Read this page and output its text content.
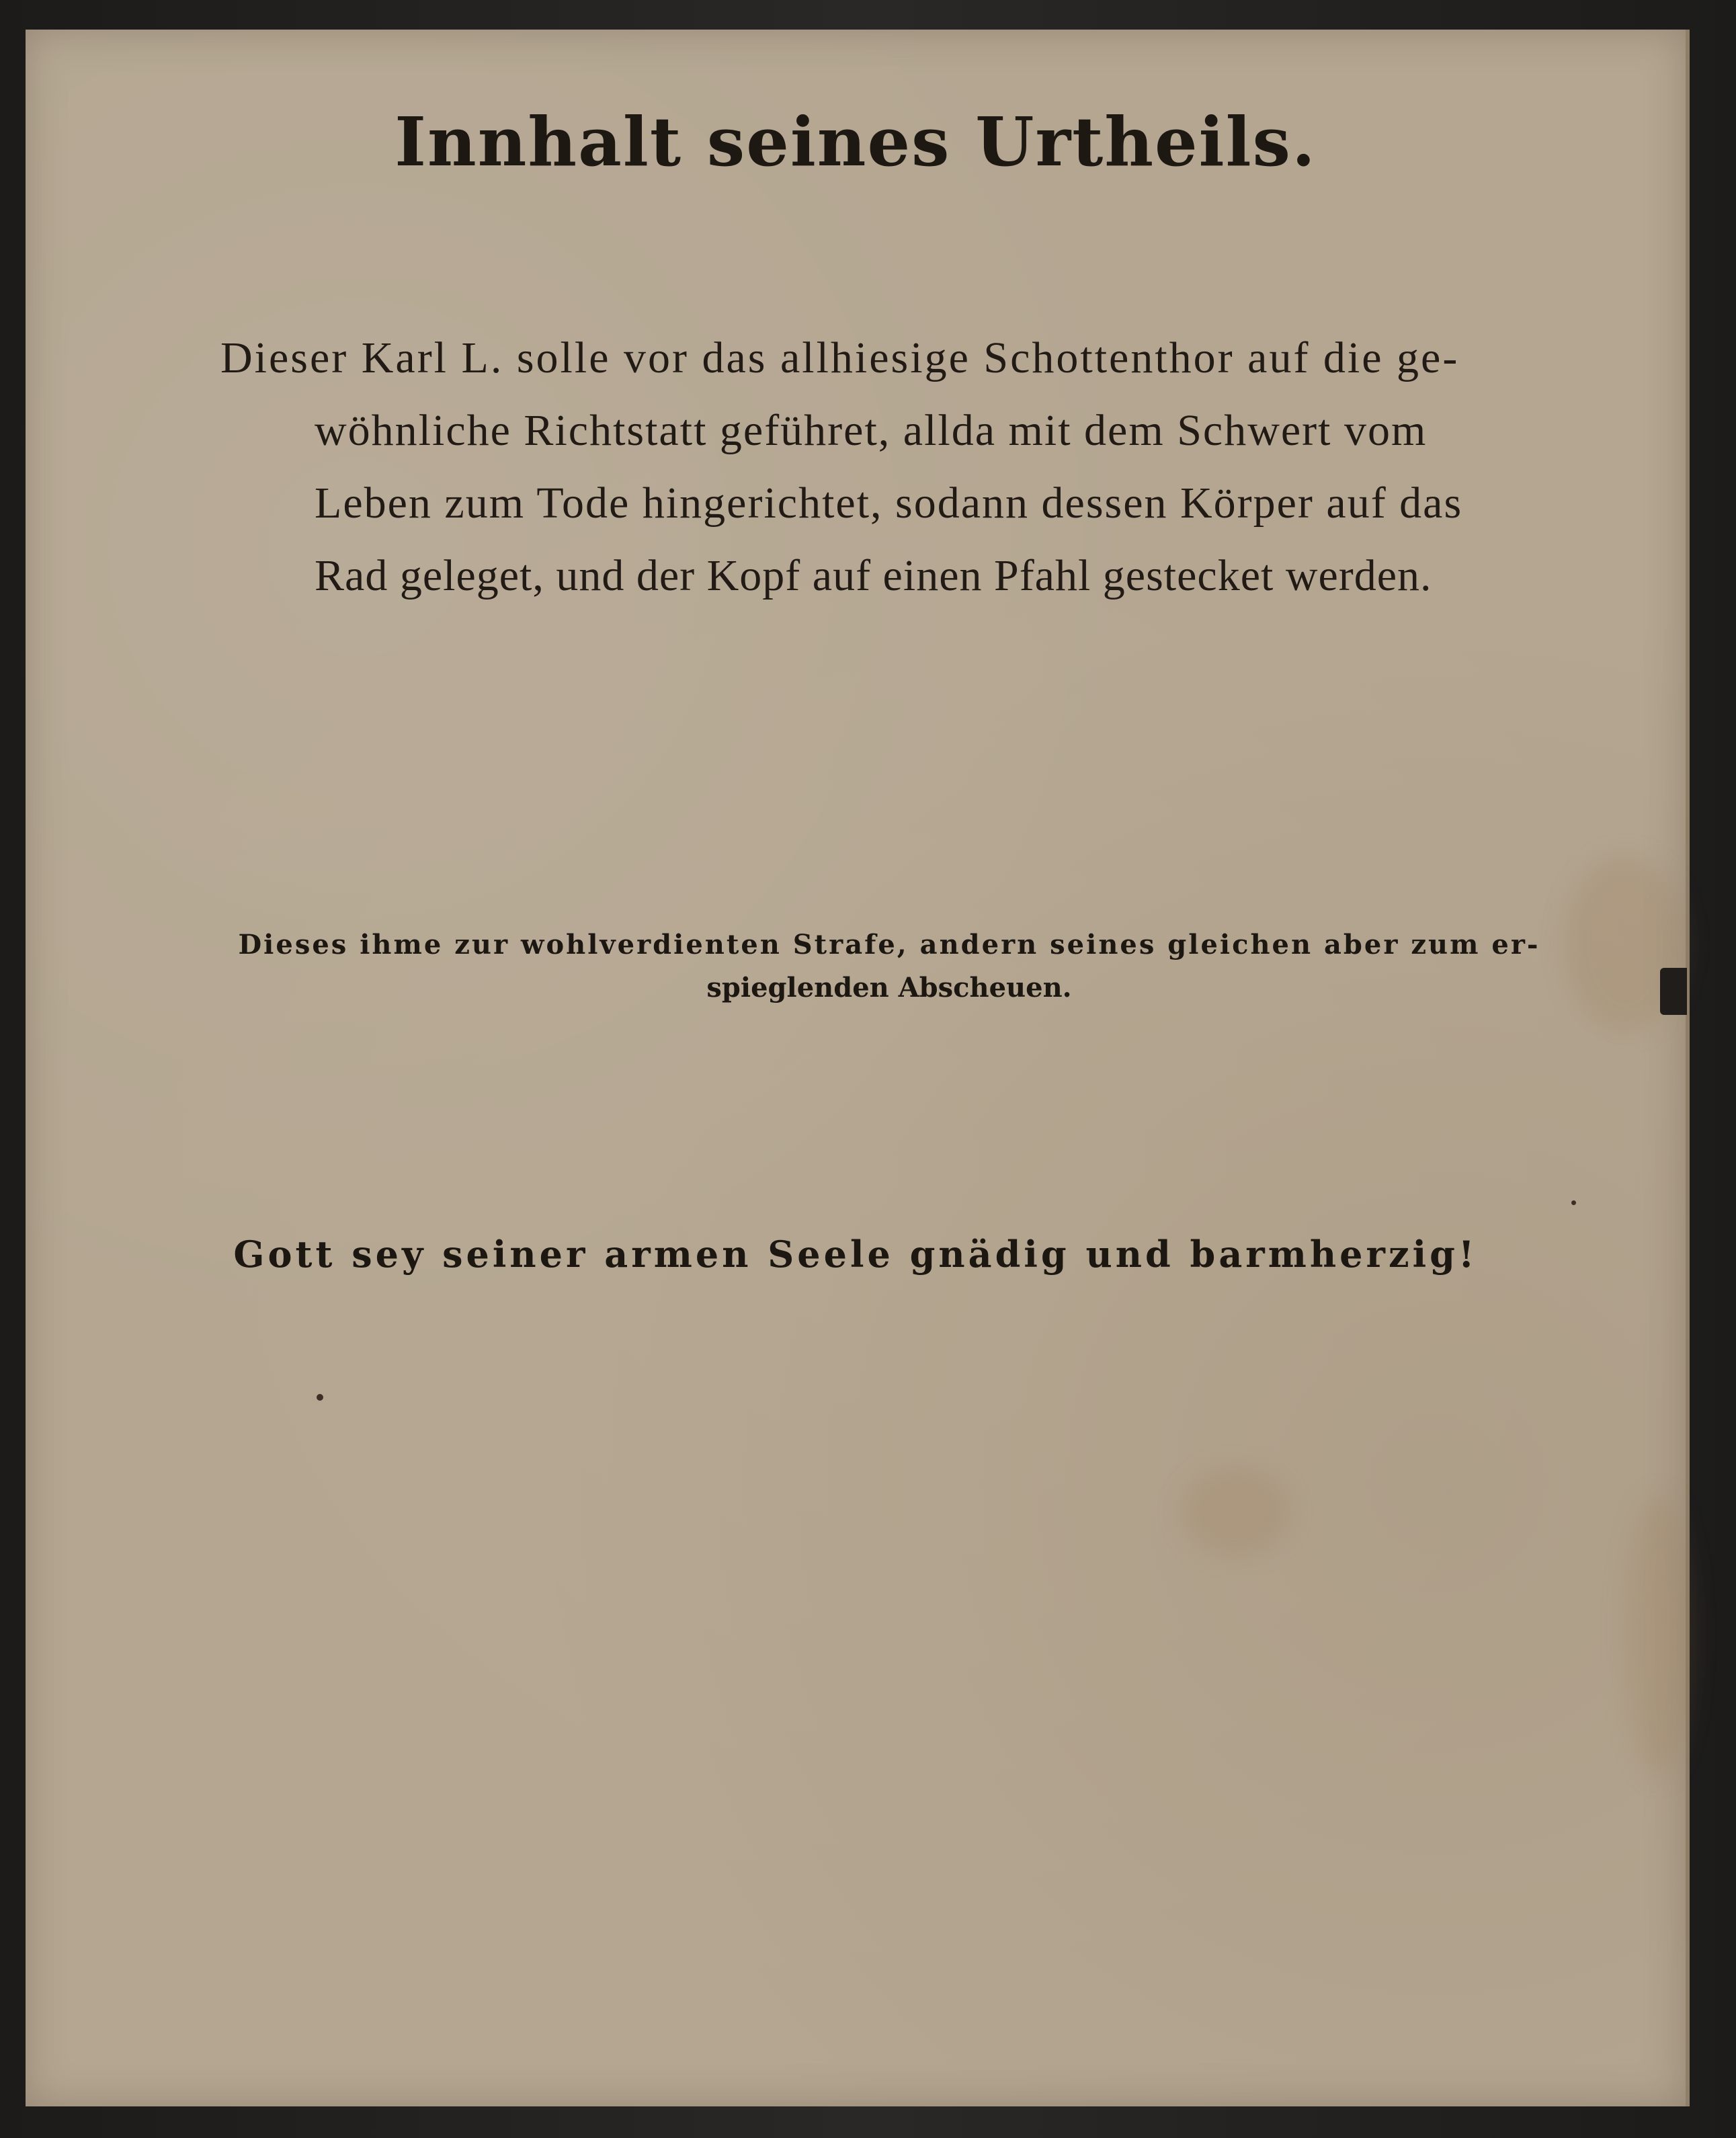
Innhalt seines Urtheils.
Dieser Karl L. solle vor das allhiesige Schottenthor auf die ge-
wöhnliche Richtstatt geführet, allda mit dem Schwert vom
Leben zum Tode hingerichtet, sodann dessen Körper auf das
Rad geleget, und der Kopf auf einen Pfahl gestecket werden.
Dieses ihme zur wohlverdienten Strafe, andern seines gleichen aber zum er-
spieglenden Abscheuen.

Gott sey seiner armen Seele gnädig und barmherzig!
